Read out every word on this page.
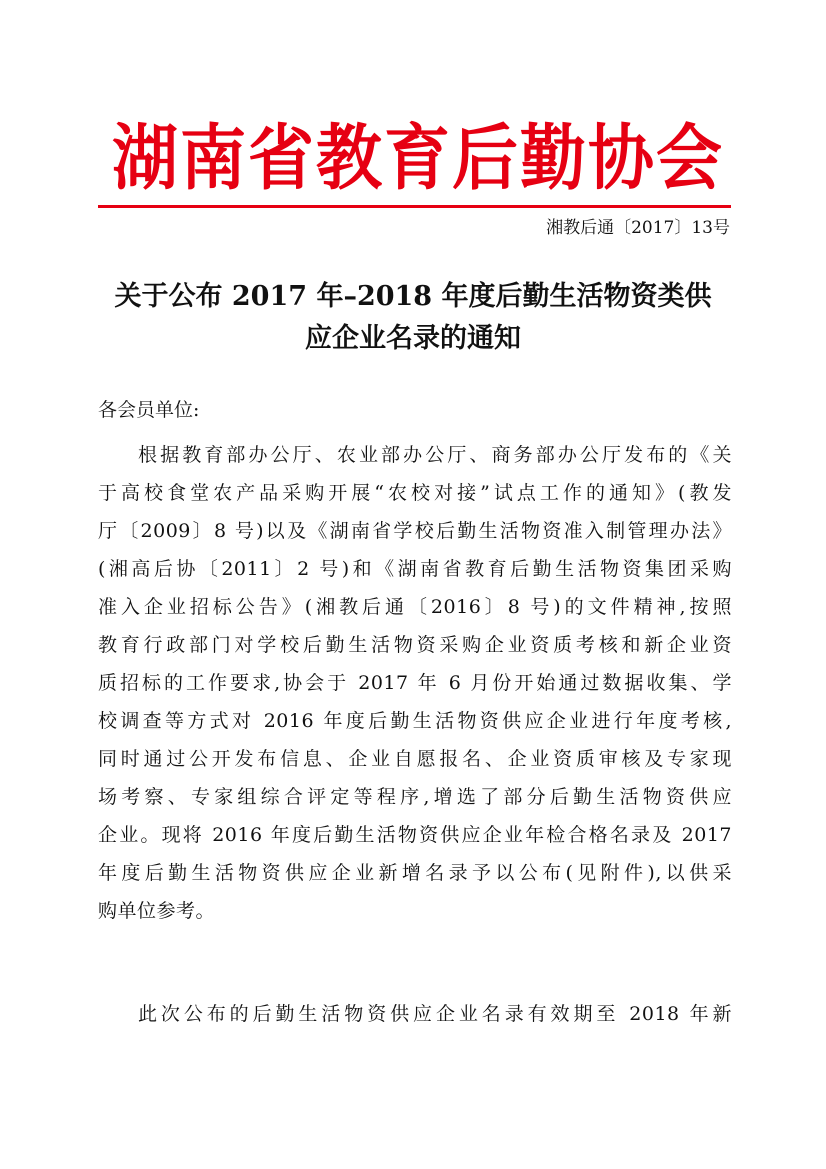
湖南省教育后勤协会
湘教后通〔2017〕13号
关于公布 2017 年–2018 年度后勤生活物资类供
应企业名录的通知
各会员单位:
根据教育部办公厅、农业部办公厅、商务部办公厅发布的《关
于高校食堂农产品采购开展“农校对接”试点工作的通知》(教发
厅〔2009〕8 号)以及《湖南省学校后勤生活物资准入制管理办法》
(湘高后协〔2011〕2 号)和《湖南省教育后勤生活物资集团采购
准入企业招标公告》(湘教后通〔2016〕8 号)的文件精神,按照
教育行政部门对学校后勤生活物资采购企业资质考核和新企业资
质招标的工作要求,协会于 2017 年 6 月份开始通过数据收集、学
校调查等方式对 2016 年度后勤生活物资供应企业进行年度考核,
同时通过公开发布信息、企业自愿报名、企业资质审核及专家现
场考察、专家组综合评定等程序,增选了部分后勤生活物资供应
企业。现将 2016 年度后勤生活物资供应企业年检合格名录及 2017
年度后勤生活物资供应企业新增名录予以公布(见附件),以供采
购单位参考。
此次公布的后勤生活物资供应企业名录有效期至 2018 年新
